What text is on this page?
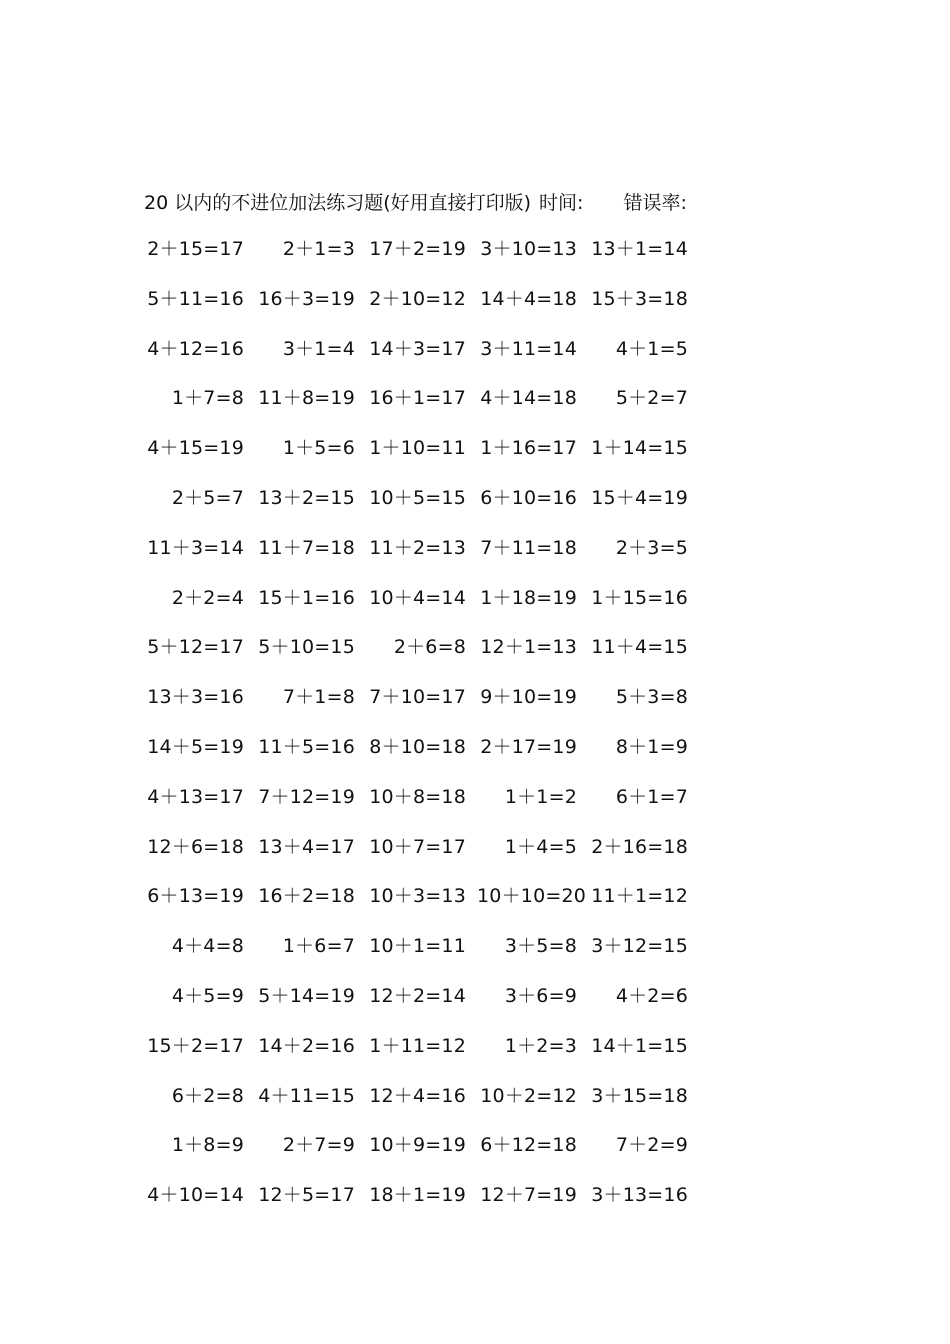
20 以内的不进位加法练习题(好用直接打印版) 时间: 错误率:
2＋15=17	2＋1=3 17＋2=19 3＋10=13 13＋1=14
5＋11=16 16＋3=19 2＋10=12 14＋4=18 15＋3=18
4＋12=16	3＋1=4 14＋3=17 3＋11=14	4＋1=5
1＋7=8 11＋8=19 16＋1=17 4＋14=18	5＋2=7
4＋15=19	1＋5=6 1＋10=11 1＋16=17 1＋14=15
2＋5=7 13＋2=15 10＋5=15 6＋10=16 15＋4=19
11＋3=14 11＋7=18 11＋2=13 7＋11=18	2＋3=5
2＋2=4 15＋1=16 10＋4=14 1＋18=19 1＋15=16
5＋12=17 5＋10=15	2＋6=8 12＋1=13 11＋4=15
13＋3=16	7＋1=8 7＋10=17 9＋10=19	5＋3=8
14＋5=19 11＋5=16 8＋10=18 2＋17=19	8＋1=9
4＋13=17 7＋12=19 10＋8=18	1＋1=2	6＋1=7
12＋6=18 13＋4=17 10＋7=17	1＋4=5 2＋16=18
6＋13=19 16＋2=18 10＋3=13 10＋10=20 11＋1=12
4＋4=8	1＋6=7 10＋1=11	3＋5=8 3＋12=15
4＋5=9 5＋14=19 12＋2=14	3＋6=9	4＋2=6
15＋2=17 14＋2=16 1＋11=12	1＋2=3 14＋1=15
6＋2=8 4＋11=15 12＋4=16 10＋2=12 3＋15=18
1＋8=9	2＋7=9 10＋9=19 6＋12=18	7＋2=9
4＋10=14 12＋5=17 18＋1=19 12＋7=19 3＋13=16
